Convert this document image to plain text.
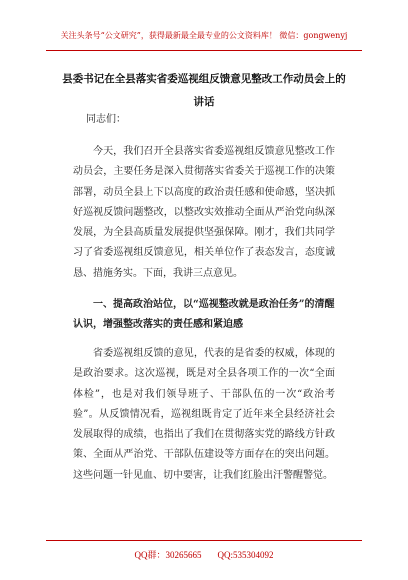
关注头条号“公文研究”，获得最新最全最专业的公文资料库！ 微信：gongwenyj
县委书记在全县落实省委巡视组反馈意见整改工作动员会上的讲话
同志们：

今天，我们召开全县落实省委巡视组反馈意见整改工作动员会，主要任务是深入贯彻落实省委关于巡视工作的决策部署，动员全县上下以高度的政治责任感和使命感，坚决抓好巡视反馈问题整改，以整改实效推动全面从严治党向纵深发展，为全县高质量发展提供坚强保障。刚才，我们共同学习了省委巡视组反馈意见，相关单位作了表态发言，态度诚恳、措施务实。下面，我讲三点意见。

一、提高政治站位，以“巡视整改就是政治任务”的清醒认识，增强整改落实的责任感和紧迫感

省委巡视组反馈的意见，代表的是省委的权威，体现的是政治要求。这次巡视，既是对全县各项工作的一次“全面体检”，也是对我们领导班子、干部队伍的一次“政治考验”。从反馈情况看，巡视组既肯定了近年来全县经济社会发展取得的成绩，也指出了我们在贯彻落实党的路线方针政策、全面从严治党、干部队伍建设等方面存在的突出问题。这些问题一针见血、切中要害，让我们红脸出汗警醒警觉。

QQ群：30265665 QQ:535304092
